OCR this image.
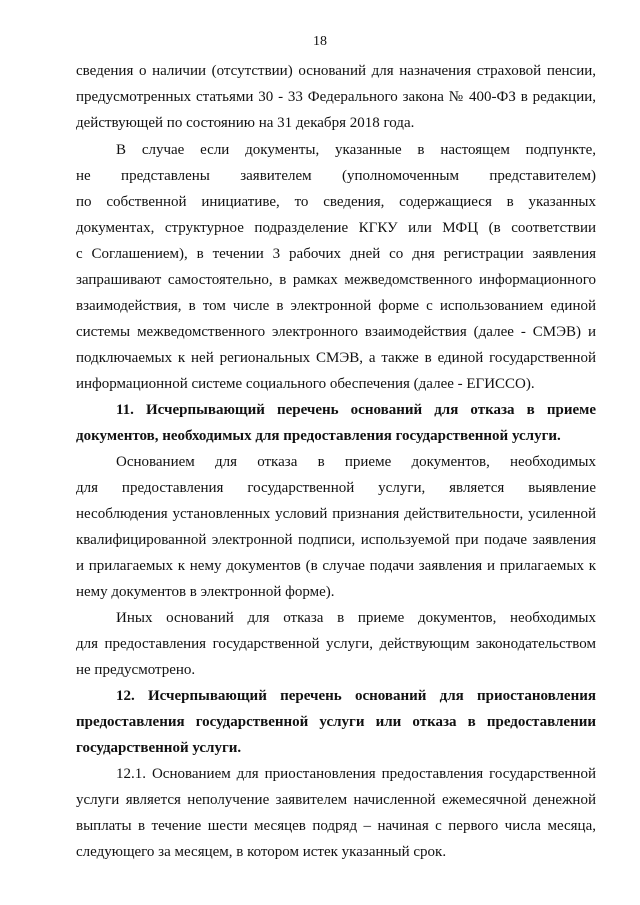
18
сведения о наличии (отсутствии) оснований для назначения страховой пенсии,
предусмотренных статьями 30 - 33 Федерального закона № 400-ФЗ в редакции,
действующей по состоянию на 31 декабря 2018 года.
В случае если документы, указанные в настоящем подпункте,
не представлены заявителем (уполномоченным представителем)
по собственной инициативе, то сведения, содержащиеся в указанных
документах, структурное подразделение КГКУ или МФЦ (в соответствии
с Соглашением), в течении 3 рабочих дней со дня регистрации заявления
запрашивают самостоятельно, в рамках межведомственного информационного
взаимодействия, в том числе в электронной форме с использованием единой
системы межведомственного электронного взаимодействия (далее - СМЭВ) и
подключаемых к ней региональных СМЭВ, а также в единой государственной
информационной системе социального обеспечения (далее - ЕГИССО).
11. Исчерпывающий перечень оснований для отказа в приеме
документов, необходимых для предоставления государственной услуги.
Основанием для отказа в приеме документов, необходимых
для предоставления государственной услуги, является выявление
несоблюдения установленных условий признания действительности, усиленной
квалифицированной электронной подписи, используемой при подаче заявления
и прилагаемых к нему документов (в случае подачи заявления и прилагаемых к
нему документов в электронной форме).
Иных оснований для отказа в приеме документов, необходимых
для предоставления государственной услуги, действующим законодательством
не предусмотрено.
12. Исчерпывающий перечень оснований для приостановления
предоставления государственной услуги или отказа в предоставлении
государственной услуги.
12.1. Основанием для приостановления предоставления государственной
услуги является неполучение заявителем начисленной ежемесячной денежной
выплаты в течение шести месяцев подряд – начиная с первого числа месяца,
следующего за месяцем, в котором истек указанный срок.
